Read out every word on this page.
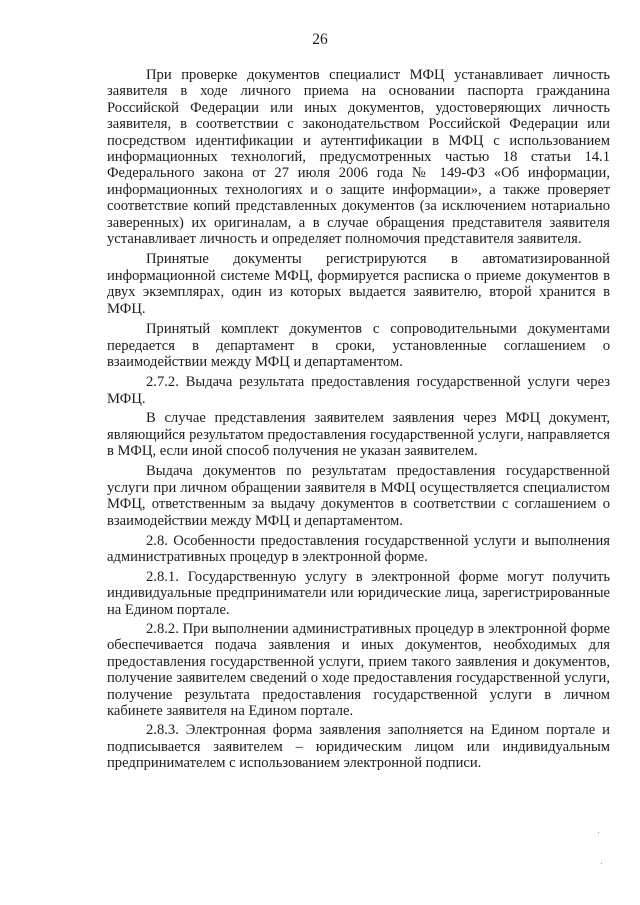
26

При проверке документов специалист МФЦ устанавливает личность заявителя в ходе личного приема на основании паспорта гражданина Российской Федерации или иных документов, удостоверяющих личность заявителя, в соответствии с законодательством Российской Федерации или посредством идентификации и аутентификации в МФЦ с использованием информационных технологий, предусмотренных частью 18 статьи 14.1 Федерального закона от 27 июля 2006 года № 149-ФЗ «Об информации, информационных технологиях и о защите информации», а также проверяет соответствие копий представленных документов (за исключением нотариально заверенных) их оригиналам, а в случае обращения представителя заявителя устанавливает личность и определяет полномочия представителя заявителя.

Принятые документы регистрируются в автоматизированной информационной системе МФЦ, формируется расписка о приеме документов в двух экземплярах, один из которых выдается заявителю, второй хранится в МФЦ.

Принятый комплект документов с сопроводительными документами передается в департамент в сроки, установленные соглашением о взаимодействии между МФЦ и департаментом.

2.7.2. Выдача результата предоставления государственной услуги через МФЦ.

В случае представления заявителем заявления через МФЦ документ, являющийся результатом предоставления государственной услуги, направляется в МФЦ, если иной способ получения не указан заявителем.

Выдача документов по результатам предоставления государственной услуги при личном обращении заявителя в МФЦ осуществляется специалистом МФЦ, ответственным за выдачу документов в соответствии с соглашением о взаимодействии между МФЦ и департаментом.

2.8. Особенности предоставления государственной услуги и выполнения административных процедур в электронной форме.

2.8.1. Государственную услугу в электронной форме могут получить индивидуальные предприниматели или юридические лица, зарегистрированные на Едином портале.

2.8.2. При выполнении административных процедур в электронной форме обеспечивается подача заявления и иных документов, необходимых для предоставления государственной услуги, прием такого заявления и документов, получение заявителем сведений о ходе предоставления государственной услуги, получение результата предоставления государственной услуги в личном кабинете заявителя на Едином портале.

2.8.3. Электронная форма заявления заполняется на Едином портале и подписывается заявителем – юридическим лицом или индивидуальным предпринимателем с использованием электронной подписи.
